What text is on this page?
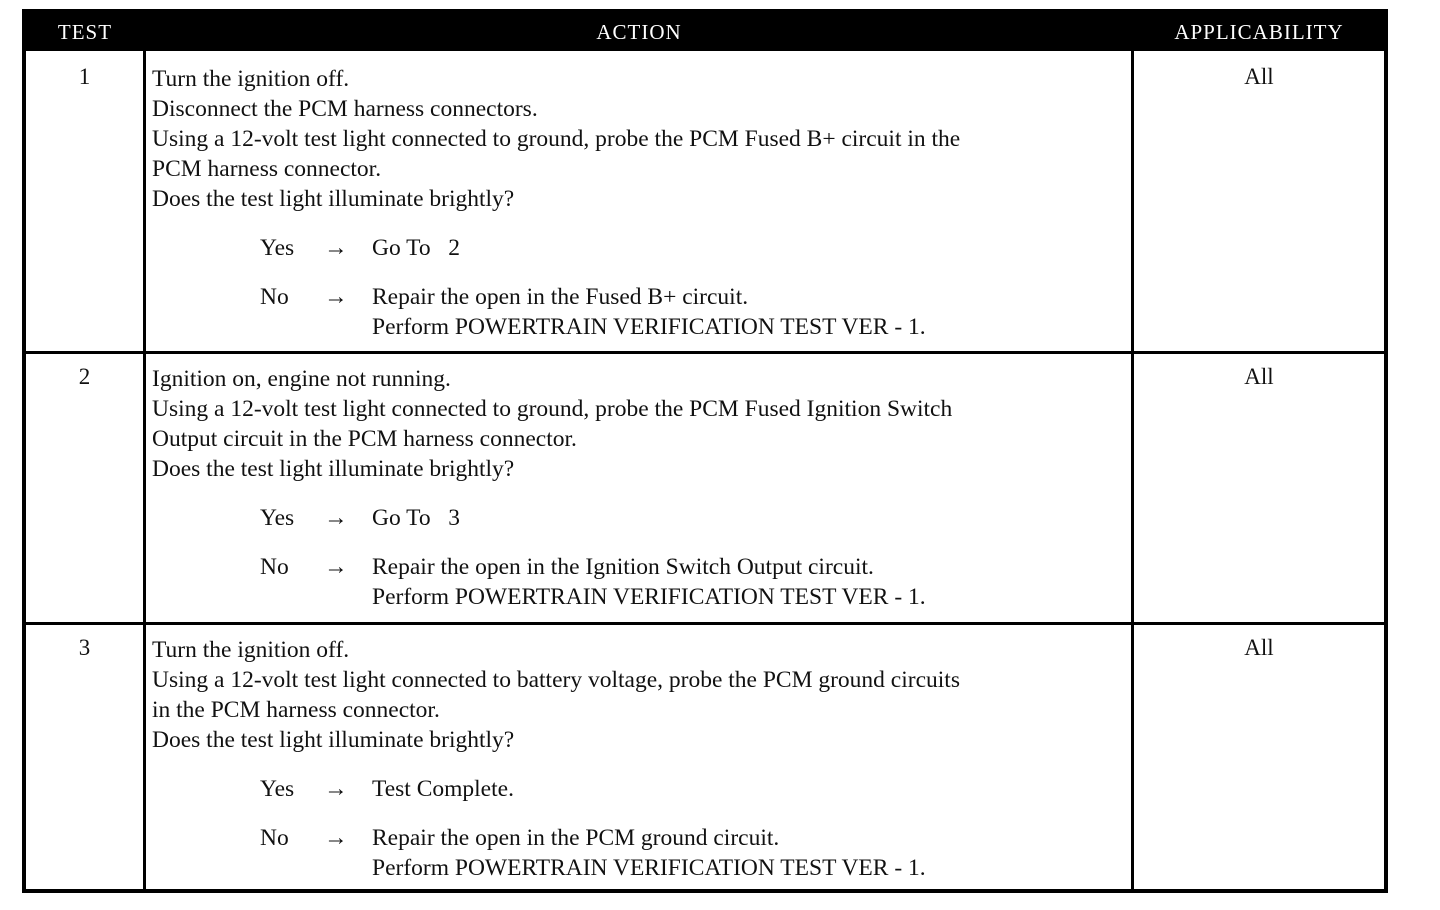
TEST	ACTION	APPLICABILITY
1	Turn the ignition off.
Disconnect the PCM harness connectors.
Using a 12-volt test light connected to ground, probe the PCM Fused B+ circuit in the
PCM harness connector.
Does the test light illuminate brightly?
Yes → Go To   2
No → Repair the open in the Fused B+ circuit.
Perform POWERTRAIN VERIFICATION TEST VER - 1.
All
2	Ignition on, engine not running.
Using a 12-volt test light connected to ground, probe the PCM Fused Ignition Switch
Output circuit in the PCM harness connector.
Does the test light illuminate brightly?
Yes → Go To   3
No → Repair the open in the Ignition Switch Output circuit.
Perform POWERTRAIN VERIFICATION TEST VER - 1.
All
3	Turn the ignition off.
Using a 12-volt test light connected to battery voltage, probe the PCM ground circuits
in the PCM harness connector.
Does the test light illuminate brightly?
Yes → Test Complete.
No → Repair the open in the PCM ground circuit.
Perform POWERTRAIN VERIFICATION TEST VER - 1.
All
